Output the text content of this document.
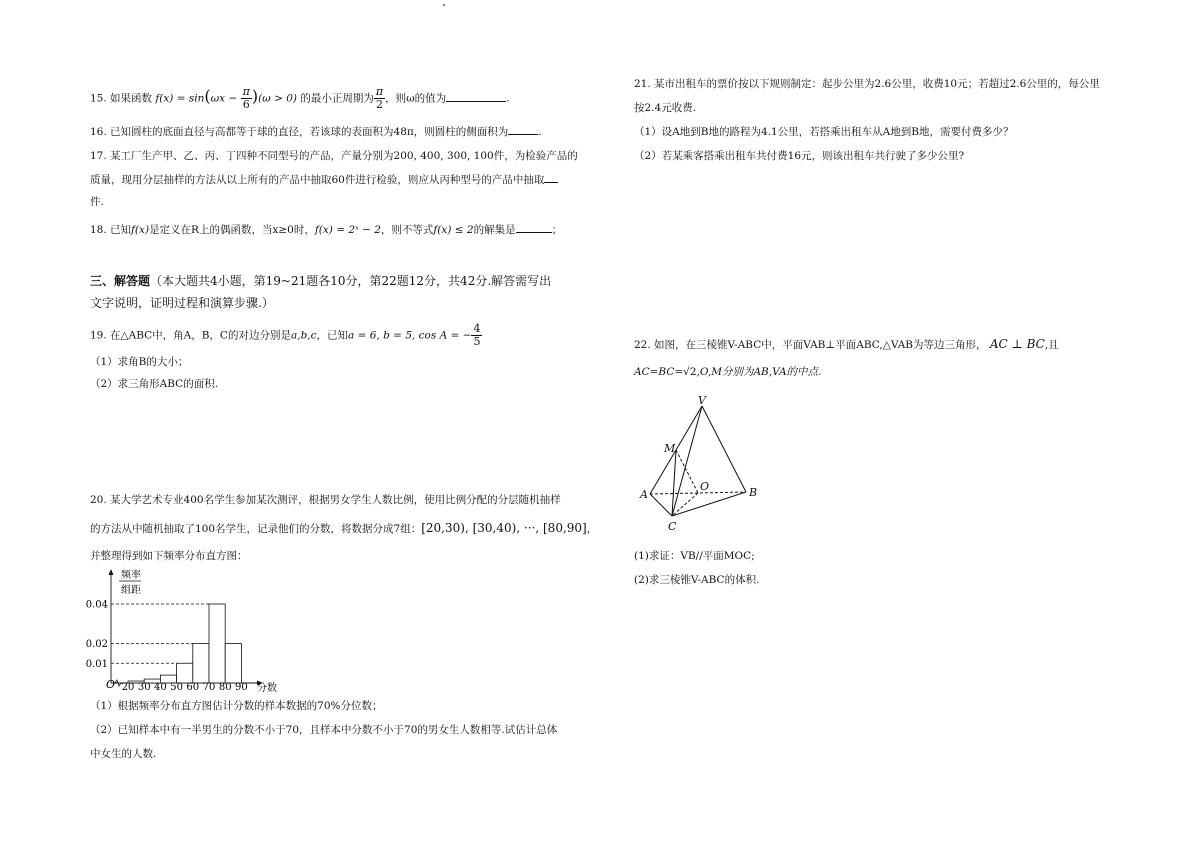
15. 如果函数 $f(x) = \sin(\omega x - \frac{\pi}{6} )(\omega > 0)$ 的最小正周期为 $\frac{\pi}{2}$ ，则ω的值为	.
16. 已知圆柱的底面直径与高都等于球的直径，若该球的表面积为48π，则圆柱的侧面积为	.
17. 某工厂生产甲、乙、丙、丁四种不同型号的产品，产量分别为200, 400, 300, 100件，为检验产品的
质量，现用分层抽样的方法从以上所有的产品中抽取60件进行检验，则应从丙种型号的产品中抽取
件.
18. 已知f(x)是定义在R上的偶函数，当x≥0时，f(x) = 2ˣ − 2，则不等式f(x) ≤ 2的解集是	；
三、解答题（本大题共4小题，第19~21题各10分，第22题12分，共42分.解答需写出
文字说明，证明过程和演算步骤.）
19. 在△ABC中，角A，B，C的对边分别是a,b,c，已知a = 6, b = 5, cos A = − $\frac{4}{5}$
（1）求角B的大小；
（2）求三角形ABC的面积.
20. 某大学艺术专业400名学生参加某次测评，根据男女学生人数比例，使用比例分配的分层随机抽样
的方法从中随机抽取了100名学生，记录他们的分数，将数据分成7组：[20,30), [30,40), ···, [80,90]，
并整理得到如下频率分布直方图：
（1）根据频率分布直方图估计分数的样本数据的70%分位数；
（2）已知样本中有一半男生的分数不小于70，且样本中分数不小于70的男女生人数相等.试估计总体
中女生的人数.
频率
组距
O	分数
0.04
0.02
0.01
20 30 40 50 60 70 80 90
21. 某市出租车的票价按以下规则制定：起步公里为2.6公里，收费10元；若超过2.6公里的，每公里
按2.4元收费.
（1）设A地到B地的路程为4.1公里，若搭乘出租车从A地到B地，需要付费多少？
（2）若某乘客搭乘出租车共付费16元，则该出租车共行驶了多少公里?
22. 如图，在三棱锥V-ABC中，平面VAB⊥平面ABC,△VAB为等边三角形， AC ⊥ BC,且
AC=BC=√2,O,M分别为AB,VA的中点.
(1)求证：VB//平面MOC;
(2)求三棱锥V-ABC的体积.
V
M
A
O	B
C
